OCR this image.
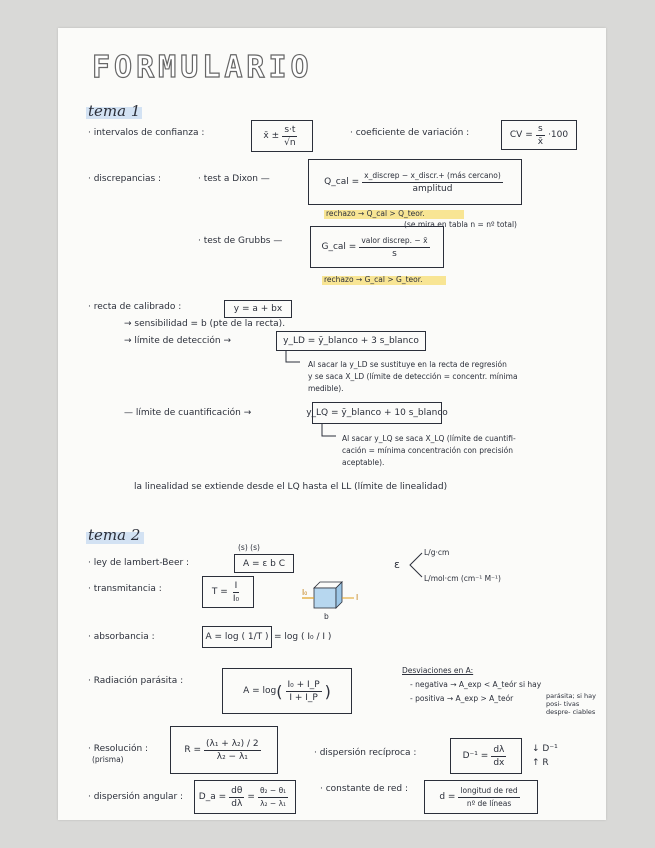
FORMULARIO
tema 1
· intervalos de confianza :	x̄ ± $\frac{s\cdot t}{√n}$	· coeficiente de variación :	CV = $\frac{s}{x̄} \cdot 100$
· discrepancias :	· test a Dixon —	Q_cal = $\frac{\text{x\_discrep − x\_discr.+ (más cercano)}}{\text{amplitud}}$
rechazo → Q_cal > Q_teor.
(se mira en tabla n = nº total)
· test de Grubbs —
G_cal = $\frac{\text{valor discrep. − x̄}}{s}$
rechazo → G_cal > G_teor.
· recta de calibrado :	y = a + bx
→ sensibilidad = b (pte de la recta).
→ límite de detección →	y_LD = ȳ_blanco + 3 s_blanco
Al sacar la y_LD se sustituye en la recta de regresión
y se saca X_LD (límite de detección = concentr. mínima
medible).
— límite de cuantificación →	y_LQ = ȳ_blanco + 10 s_blanco
Al sacar y_LQ se saca X_LQ (límite de cuantifi-
cación = mínima concentración con precisión
aceptable).
la linealidad se extiende desde el LQ hasta el LL (límite de linealidad)
tema 2
· ley de lambert-Beer :
(s) (s)
A = ε b C	ε
L/g·cm
L/mol·cm (cm⁻¹ M⁻¹)
· transmitancia :	$T = \frac{I}{\text{I₀}}$	I₀
I
b
· absorbancia :	A = log ( 1/T ) = log ( I₀ / I )
· Radiación parásita :
A = log ( $\frac{\text{I₀ + I\_P}}{I + I\_P}$ )
Desviaciones en A:
- negativa → A_exp < A_teór si hay
- positiva → A_exp > A_teór	parásita; si hay posi- tivas despre- ciables
· Resolución :
(prisma)
$R = \frac{\text{(λ₁ + λ₂) / 2}}{\text{λ₂ − λ₁}}$	· dispersión recíproca :	$D^{-1} = \frac{d\lambda}{dx}$	↓ D⁻¹
↑ R
· dispersión angular : D_a = $\frac{d\theta}{d\lambda} = \frac{\text{θ₂ − θ₁}}{\text{λ₂ − λ₁}}$	· constante de red :
$d = \frac{\text{longitud de red}}{\text{nº de líneas}}$
